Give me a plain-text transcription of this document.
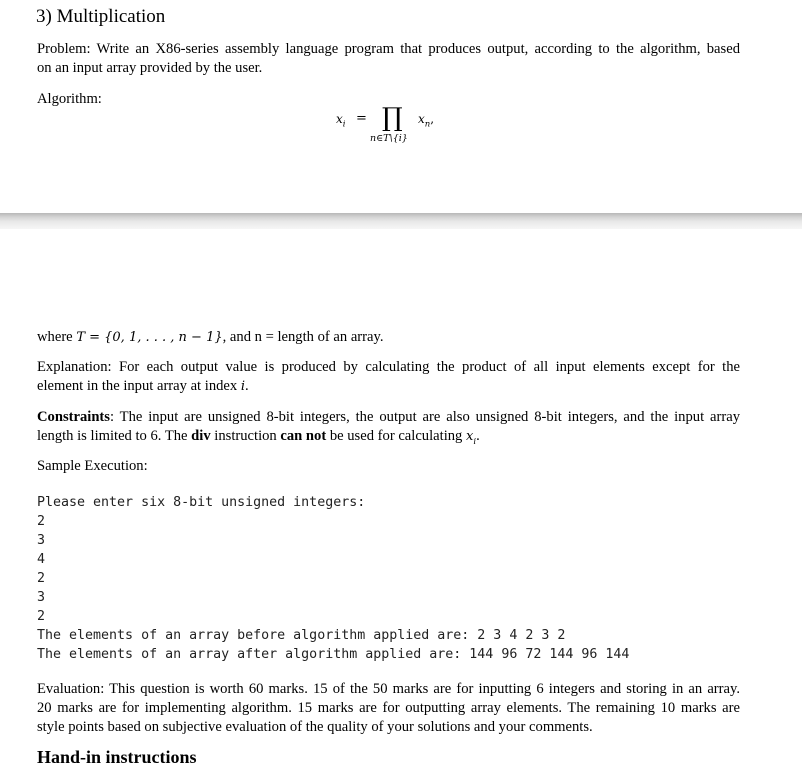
3) Multiplication
Problem: Write an X86-series assembly language program that produces output, according to the algorithm, based
on an input array provided by the user.
Algorithm:
$x_i$ = ∏ $x_n$,
n∈T\{i}
where T = {0, 1, . . . , n − 1}, and n = length of an array.
Explanation: For each output value is produced by calculating the product of all input elements except for the
element in the input array at index i.
Constraints: The input are unsigned 8-bit integers, the output are also unsigned 8-bit integers, and the input array
length is limited to 6. The div instruction can not be used for calculating $x_i$.
Sample Execution:
Please enter six 8-bit unsigned integers:
2
3
4
2
3
2
The elements of an array before algorithm applied are: 2 3 4 2 3 2
The elements of an array after algorithm applied are: 144 96 72 144 96 144
Evaluation: This question is worth 60 marks. 15 of the 50 marks are for inputting 6 integers and storing in an array.
20 marks are for implementing algorithm. 15 marks are for outputting array elements. The remaining 10 marks are
style points based on subjective evaluation of the quality of your solutions and your comments.
Hand-in instructions
